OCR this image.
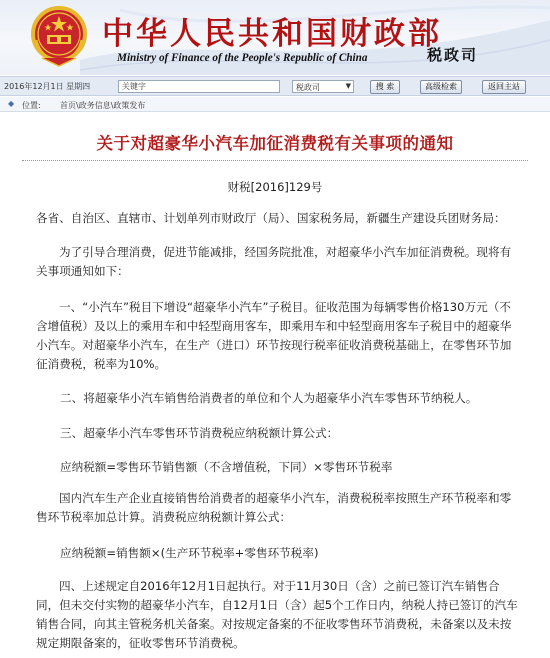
中华人民共和国财政部
Ministry of Finance of the People's Republic of China	税政司
2016年12月1日 星期四
关键字	税政司	▼	搜 索	高级检索	返回主站
◆ 位置: 首页\政务信息\政策发布
关于对超豪华小汽车加征消费税有关事项的通知
财税[2016]129号
各省、自治区、直辖市、计划单列市财政厅（局）、国家税务局，新疆生产建设兵团财务局：
为了引导合理消费，促进节能减排，经国务院批准，对超豪华小汽车加征消费税。现将有关事项通知如下：
一、“小汽车”税目下增设“超豪华小汽车”子税目。征收范围为每辆零售价格130万元（不含增值税）及以上的乘用车和中轻型商用客车，即乘用车和中轻型商用客车子税目中的超豪华小汽车。对超豪华小汽车，在生产（进口）环节按现行税率征收消费税基础上，在零售环节加征消费税，税率为10%。
二、将超豪华小汽车销售给消费者的单位和个人为超豪华小汽车零售环节纳税人。
三、超豪华小汽车零售环节消费税应纳税额计算公式：
应纳税额=零售环节销售额（不含增值税，下同）×零售环节税率
国内汽车生产企业直接销售给消费者的超豪华小汽车，消费税税率按照生产环节税率和零售环节税率加总计算。消费税应纳税额计算公式：
应纳税额=销售额×(生产环节税率+零售环节税率)
四、上述规定自2016年12月1日起执行。对于11月30日（含）之前已签订汽车销售合同，但未交付实物的超豪华小汽车，自12月1日（含）起5个工作日内，纳税人持已签订的汽车销售合同，向其主管税务机关备案。对按规定备案的不征收零售环节消费税，未备案以及未按规定期限备案的，征收零售环节消费税。
